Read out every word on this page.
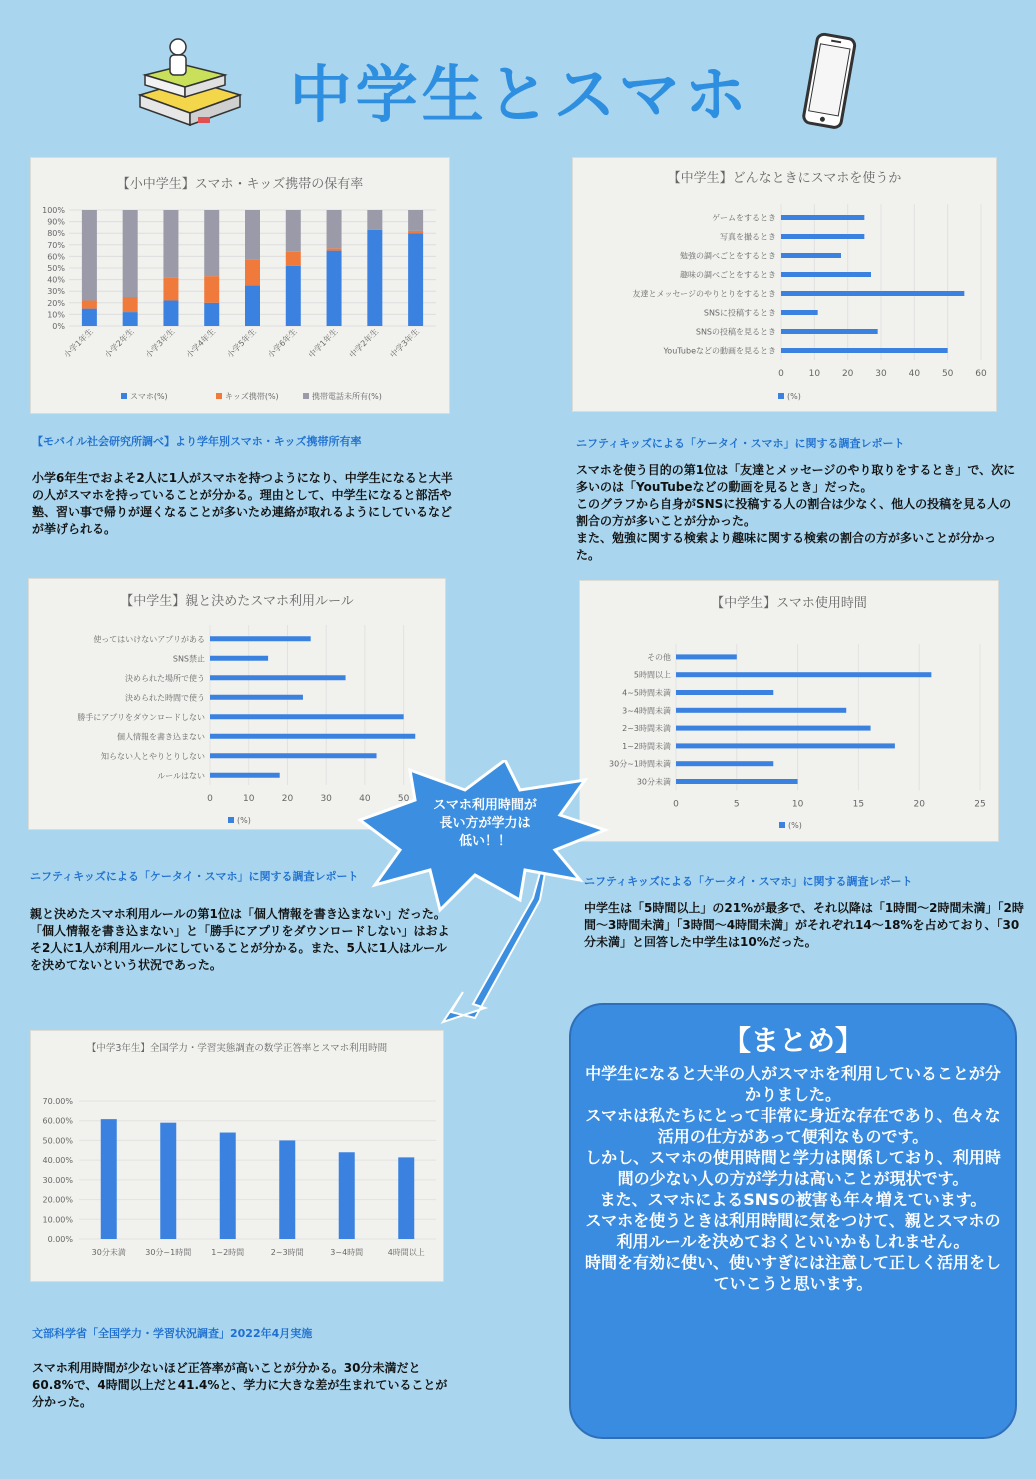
中学生とスマホ
【小中学生】スマホ・キッズ携帯の保有率
0%
10%
20%
30%
40%
50%
60%
70%
80%
90%
100%
小学1年生 小学2年生 小学3年生 小学4年生 小学5年生 小学6年生 中学1年生 中学2年生 中学3年生
スマホ(%)	キッズ携帯(%)	携帯電話未所有(%)
【モバイル社会研究所調べ】より学年別スマホ・キッズ携帯所有率

小学6年生でおよそ2人に1人がスマホを持つようになり、中学生になると大半の人がスマホを持っていることが分かる。理由として、中学生になると部活や塾、習い事で帰りが遅くなることが多いため連絡が取れるようにしているなどが挙げられる。

【中学生】どんなときにスマホを使うか
0	10 20 30 40 50 60
ゲームをするとき
写真を撮るとき
勉強の調べごとをするとき
趣味の調べごとをするとき
友達とメッセージのやりとりをするとき
SNSに投稿するとき
SNSの投稿を見るとき
YouTubeなどの動画を見るとき
(%)
ニフティキッズによる「ケータイ・スマホ」に関する調査レポート

スマホを使う目的の第1位は「友達とメッセージのやり取りをするとき」で、次に多いのは「YouTubeなどの動画を見るとき」だった。

このグラフから自身がSNSに投稿する人の割合は少なく、他人の投稿を見る人の割合の方が多いことが分かった。

また、勉強に関する検索より趣味に関する検索の割合の方が多いことが分かった。

【中学生】親と決めたスマホ利用ルール
0	10	20	30	40	50
使ってはいけないアプリがある
SNS禁止
決められた場所で使う
決められた時間で使う
勝手にアプリをダウンロードしない
個人情報を書き込まない
知らない人とやりとりしない
ルールはない
(%)
ニフティキッズによる「ケータイ・スマホ」に関する調査レポート

親と決めたスマホ利用ルールの第1位は「個人情報を書き込まない」だった。

「個人情報を書き込まない」と「勝手にアプリをダウンロードしない」はおよそ2人に1人が利用ルールにしていることが分かる。また、5人に1人はルールを決めてないという状況であった。

【中学生】スマホ使用時間
0	5	10	15	20	25
その他
5時間以上
4~5時間未満
3~4時間未満
2~3時間未満
1~2時間未満
30分~1時間未満
30分未満
(%)
ニフティキッズによる「ケータイ・スマホ」に関する調査レポート

中学生は「5時間以上」の21%が最多で、それ以降は「1時間～2時間未満」「2時間～3時間未満」「3時間～4時間未満」がそれぞれ14～18%を占めており、「30分未満」と回答した中学生は10%だった。

【中学3年生】全国学力・学習実態調査の数学正答率とスマホ利用時間
0.00%
10.00%
20.00%
30.00%
40.00%
50.00%
60.00%
70.00%
30分未満 30分~1時間	1~2時間	2~3時間	3~4時間	4時間以上
文部科学省「全国学力・学習状況調査」2022年4月実施

スマホ利用時間が少ないほど正答率が高いことが分かる。30分未満だと60.8%で、4時間以上だと41.4%と、学力に大きな差が生まれていることが分かった。

スマホ利用時間が
長い方が学力は
低い！！
【まとめ】

中学生になると大半の人がスマホを利用していることが分かりました。

スマホは私たちにとって非常に身近な存在であり、色々な活用の仕方があって便利なものです。

しかし、スマホの使用時間と学力は関係しており、利用時間の少ない人の方が学力は高いことが現状です。

また、スマホによるSNSの被害も年々増えています。

スマホを使うときは利用時間に気をつけて、親とスマホの利用ルールを決めておくといいかもしれません。

時間を有効に使い、使いすぎには注意して正しく活用をしていこうと思います。
